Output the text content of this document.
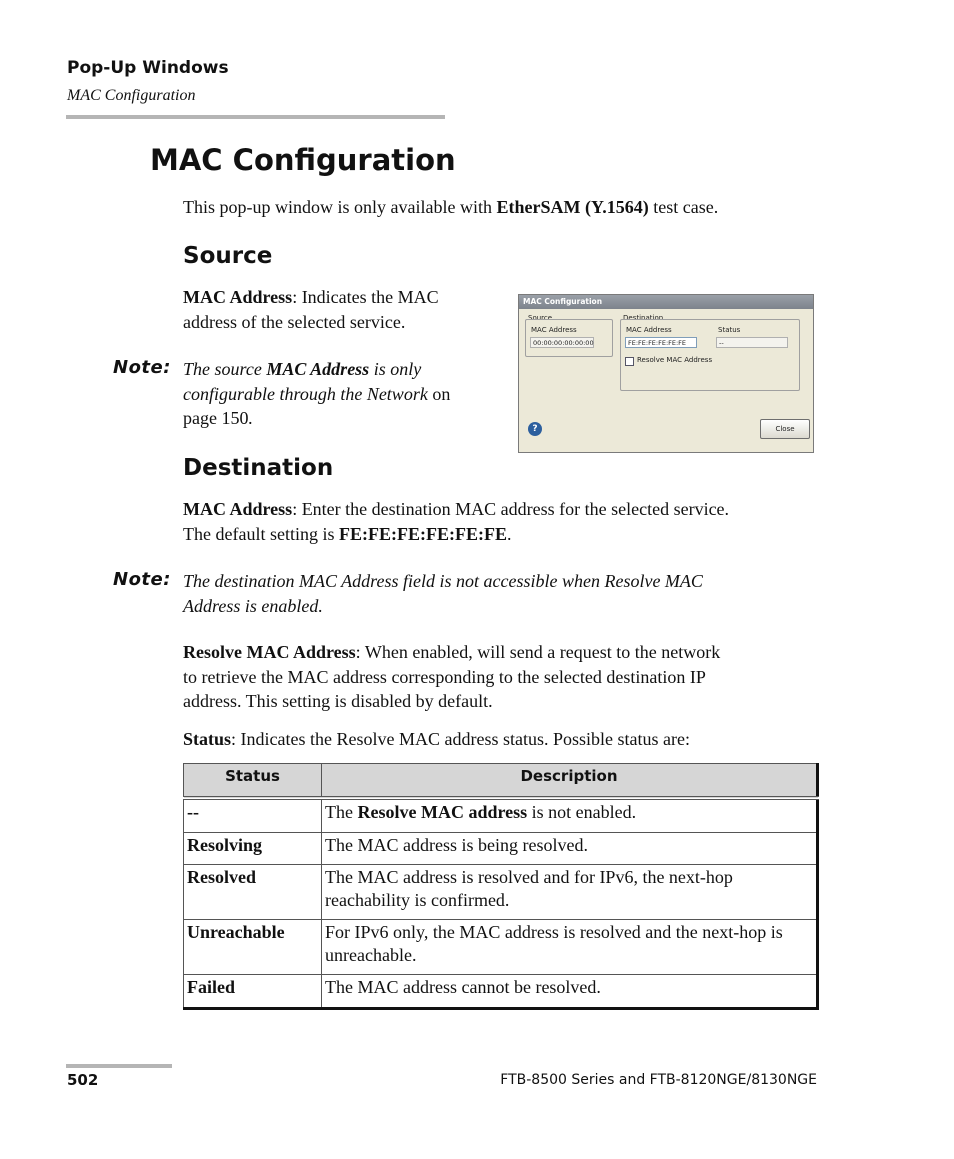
Pop-Up Windows
MAC Configuration
MAC Configuration
This pop-up window is only available with EtherSAM (Y.1564) test case.
Source
MAC Address: Indicates the MAC
address of the selected service.
Note: The source MAC Address is only
configurable through the Network on
page 150.
MAC Configuration
Source
MAC Address
00:00:00:00:00:00
Destination
MAC Address
FE:FE:FE:FE:FE:FE
Status
--
Resolve MAC Address
?	Close
Destination
MAC Address: Enter the destination MAC address for the selected service.
The default setting is FE:FE:FE:FE:FE:FE.
Note: The destination MAC Address field is not accessible when Resolve MAC
Address is enabled.
Resolve MAC Address: When enabled, will send a request to the network
to retrieve the MAC address corresponding to the selected destination IP
address. This setting is disabled by default.
Status: Indicates the Resolve MAC address status. Possible status are:
Status	Description
--	The Resolve MAC address is not enabled.
Resolving	The MAC address is being resolved.
Resolved	The MAC address is resolved and for IPv6, the next-hop reachability is confirmed.
Unreachable	For IPv6 only, the MAC address is resolved and the next-hop is unreachable.
Failed	The MAC address cannot be resolved.
502	FTB-8500 Series and FTB-8120NGE/8130NGE
